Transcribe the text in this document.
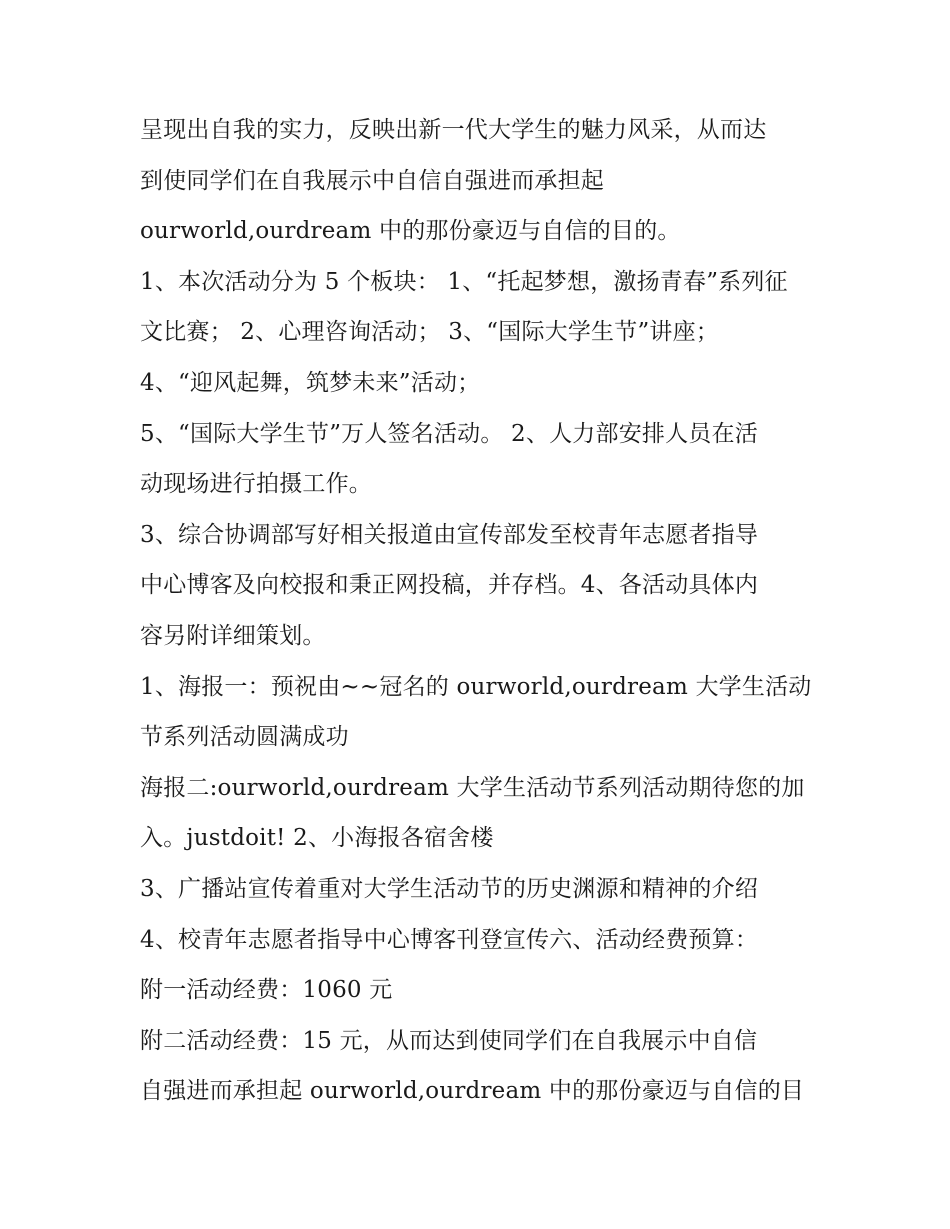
呈现出自我的实力，反映出新一代大学生的魅力风采，从而达
到使同学们在自我展示中自信自强进而承担起
ourworld,ourdream 中的那份豪迈与自信的目的。
1、本次活动分为 5 个板块： 1、“托起梦想，激扬青春”系列征
文比赛； 2、心理咨询活动； 3、“国际大学生节”讲座；
4、“迎风起舞，筑梦未来”活动；
5、“国际大学生节”万人签名活动。 2、人力部安排人员在活
动现场进行拍摄工作。
3、综合协调部写好相关报道由宣传部发至校青年志愿者指导
中心博客及向校报和秉正网投稿，并存档。4、各活动具体内
容另附详细策划。
1、海报一：预祝由~~冠名的 ourworld,ourdream 大学生活动
节系列活动圆满成功
海报二:ourworld,ourdream 大学生活动节系列活动期待您的加
入。justdoit! 2、小海报各宿舍楼
3、广播站宣传着重对大学生活动节的历史渊源和精神的介绍
4、校青年志愿者指导中心博客刊登宣传六、活动经费预算：
附一活动经费：1060 元
附二活动经费：15 元，从而达到使同学们在自我展示中自信
自强进而承担起 ourworld,ourdream 中的那份豪迈与自信的目
